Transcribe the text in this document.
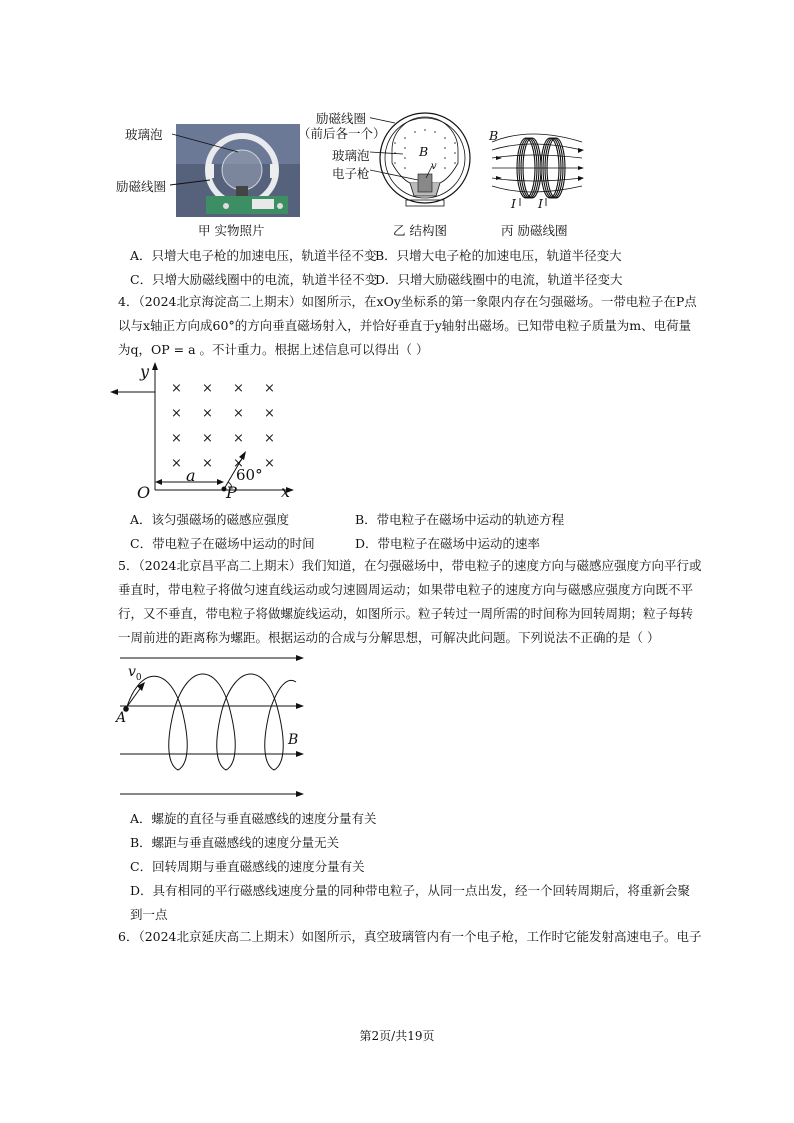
玻璃泡
励磁线圈
甲 实物照片
励磁线圈
（前后各一个）
玻璃泡
电子枪
B
v
乙 结构图
B
I I
丙 励磁线圈
A．只增大电子枪的加速电压，轨道半径不变
B．只增大电子枪的加速电压，轨道半径变大
C．只增大励磁线圈中的电流，轨道半径不变
D．只增大励磁线圈中的电流，轨道半径变大
4．（2024北京海淀高二上期末）如图所示，在xOy坐标系的第一象限内存在匀强磁场。一带电粒子在P点
以与x轴正方向成60°的方向垂直磁场射入，并恰好垂直于y轴射出磁场。已知带电粒子质量为m、电荷量
为q，OP = a 。不计重力。根据上述信息可以得出（ ）
× × × ×
× × × ×
× × × ×
× × × ×
y
x
O
a
P
60°
A．该匀强磁场的磁感应强度	B．带电粒子在磁场中运动的轨迹方程
C．带电粒子在磁场中运动的时间	D．带电粒子在磁场中运动的速率
5．（2024北京昌平高二上期末）我们知道，在匀强磁场中，带电粒子的速度方向与磁感应强度方向平行或
垂直时，带电粒子将做匀速直线运动或匀速圆周运动；如果带电粒子的速度方向与磁感应强度方向既不平
行，又不垂直，带电粒子将做螺旋线运动，如图所示。粒子转过一周所需的时间称为回转周期；粒子每转
一周前进的距离称为螺距。根据运动的合成与分解思想，可解决此问题。下列说法不正确的是（ ）
$v_0$
A
B
A．螺旋的直径与垂直磁感线的速度分量有关
B．螺距与垂直磁感线的速度分量无关
C．回转周期与垂直磁感线的速度分量有关
D．具有相同的平行磁感线速度分量的同种带电粒子，从同一点出发，经一个回转周期后，将重新会聚
到一点
6．（2024北京延庆高二上期末）如图所示，真空玻璃管内有一个电子枪，工作时它能发射高速电子。电子
第2页/共19页
